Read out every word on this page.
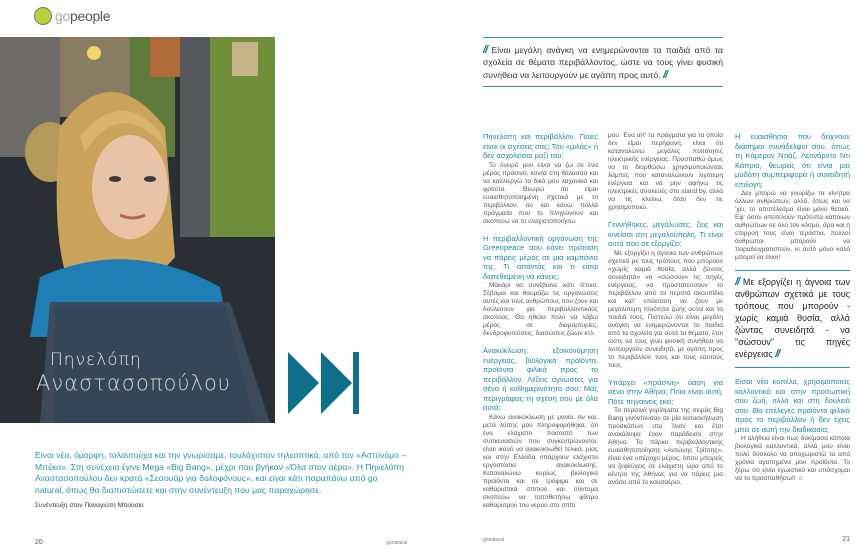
gopeople
Πηνελόπη
Αναστασοπούλου
Είναι νέα, όμορφη, ταλαντούχα και την γνωρίσαμε, τουλάχιστον τηλεοπτικά, από τον «Αστυνόμο – Μπέκα». Στη συνέχεια έγινε Mega «Big Bang», μέχρι που βγήκαν «Όλα στον αέρα». Η Πηνελόπη Αναστασοπούλου δεν κρατά «Σεσουάρ για δολοφόνους», και είναι κάτι παραπάνω από go natural, όπως θα διαπιστώσετε και στην συνέντευξη που μας παραχώρησε.
Συνέντευξη στον Παναγιώτη Μπούσιο
20	gonatural
// Είναι μεγάλη ανάγκη να ενημερώνονται τα παιδιά από τα σχολεία σε θέματα περιβάλλοντος, ώστε να τους γίνει φυσική συνήθεια να λειτουργούν με αγάπη προς αυτό. //
Πηνελόπη και περιβάλλον. Ποιες είναι οι σχέσεις σας; Του «μιλάς» ή δεν ασχολείσαι μαζί του;
Το όνειρό μου είναι να ζω σε ένα μέρος πράσινο, κοντά στη θάλασσα και να καλλιεργώ τα δικά μου λαχανικά και φρούτα. Θεωρώ ότι είμαι ευαισθητοποιημένη σχετικά με το περιβάλλον, αν και κάνω πολλά πράγματα που το πληγώνουν και σκοπεύω να το ελαχιστοποιήσω.
Η περιβαλλοντική οργάνωση της Greenpeace σου κάνει πρόταση να πάρεις μέρος σε μια καμπάνια της. Τι απαντάς και τι είσαι διατεθειμένη να κάνεις;
Μακάρι να συνέβαινε κάτι τέτοιο. Σέβομαι και θαυμάζω τις οργανώσεις αυτές και τους ανθρώπους που ζουν και δουλεύουν για περιβαλλοντικούς σκοπούς. Θα ήθελα πολύ να λάβω μέρος σε διαμαρτυρίες, δενδροφυτεύσεις, διασώσεις ζώων κτλ.
Ανακύκλωση, εξοικονόμηση ενέργειας, βιολογικά προϊόντα, προϊόντα φιλικά προς το περιβάλλον. Λέξεις άγνωστες για σένα ή καθημερινότητα σου; Μας περιγράφεις τη σχέση σου με όλα αυτά;
Κάνω ανακύκλωση με μανία. Αν και, μετά λύπης μου πληροφορήθηκα, ότι ένα ελάχιστο ποσοστό των συσκευασιών που συγκεντρώνονται, είναι ικανό να ανακυκλωθεί τελικά, μιας και στην Ελλάδα υπάρχουν ελάχιστα εργοστάσια ανακύκλωσης. Καταναλώνω κυρίως βιολογικά προϊόντα και σε τρόφιμα και σε καθαριστικά σπιτιού και σύντομα σκοπεύω να τοποθετήσω φίλτρο καθαρισμού του νερού στο σπίτι
gonatural
μου. Ένα απ' τα πράγματα για τα οποία δεν είμαι περήφανη, είναι ότι καταναλώνω μεγάλες ποσότητες ηλεκτρικής ενέργειας. Προσπαθώ όμως να το διορθώσω χρησιμοποιώντας λάμπες που καταναλώνουν λιγότερη ενέργεια και να μην αφήνω τις ηλεκτρικές συσκευές στο stand by, αλλά να τις κλείνω, όταν δεν τις χρησιμοποιώ.
Γεννήθηκες, μεγάλωσες, ζεις και κινείσαι στη μεγαλούπολη. Τι είναι αυτό που σε εξοργίζει;
Με εξοργίζει η άγνοια των ανθρώπων σχετικά με τους τρόπους που μπορούν «χωρίς καμιά θυσία, αλλά ζώντας συνειδητά» να «σώσουν» τις πηγές ενέργειας, να προστατεύσουν το περιβάλλον από τα περιττά σκουπίδια και κατ' επέκταση να ζουν με μεγαλύτερη ποιότητα ζωής αυτοί και τα παιδιά τους. Πιστεύω ότι είναι μεγάλη ανάγκη να ενημερώνονται τα παιδιά από τα σχολεία για αυτά τα θέματα, έτσι ώστε να τους γίνει φυσική συνήθεια να λειτουργούν συνειδητά, με αγάπη προς το περιβάλλον τους και τους εαυτούς τους.
Υπάρχει «πράσινη» όαση για σένα στην Αθήνα; Ποια είναι αυτή; Πότε πηγαίνεις εκεί;
Τα περσινά γυρίσματα της σειράς Big Bang γινόντουσαν σε μία κατασκήνωση προσκόπων στο Ίλιον και έτσι ανακάλυψα έναν παράδεισο στην Αθήνα. Το πάρκο περιβαλλοντικής ευαισθητοποίησης «Αντώνης Τρίτσης», είναι ένα υπέροχο μέρος, όπου μπορείς να ξεφεύγεις σε ελάχιστη ώρα από το κέντρο της Αθήνας για να πάρεις μια ανάσα από το καυσαέριο.
Η ευαισθησία που δείχνουν διάσημοι συνάδελφοί σου, όπως τη Κάμερον Ντιάζ, Λεονάρντο Ντι Κάπριο, θεωρείς ότι είναι μια μοδάτη συμπεριφορά ή συνειδητή επιλογή;
Δεν μπορώ να γνωρίζω τα κίνητρα άλλων ανθρώπων, αλλά, όπως και να 'χει, το αποτέλεσμα είναι μόνο θετικό. Εφ' όσον αποτελούν πρότυπα κάποιων ανθρώπων σε όλο τον κόσμο, άρα και η επιρροή τους είναι τεράστια, πολλοί άνθρωποι μπορούν να παραδειγματιστούν, κι αυτό μόνο καλό μπορεί να είναι!
// Με εξοργίζει η άγνοια των ανθρώπων σχετικά με τους τρόπους που μπορούν - χωρίς καμιά θυσία, αλλά ζώντας συνειδητά - να "σώσουν" τις πηγές ενέργειας //
Είσαι νέα κοπέλα, χρησιμοποιείς καλλυντικά και στην προσωπική σου ζωή, αλλά και στη δουλειά σου. Θα επέλεγες προϊόντα φιλικά προς το περιβάλλον ή δεν έχεις μπει σε αυτή την διαδικασία;
Η αλήθεια είναι πως δοκίμασα κάποια βιολογικά καλλυντικά, αλλά μου είναι πολύ δύσκολο να αποχωριστώ τα από χρόνια αγαπημένα μου προϊόντα. Το ξέρω ότι είναι εγωιστικό και υπόσχομαι να το προσπαθήσω!! ☺
21
